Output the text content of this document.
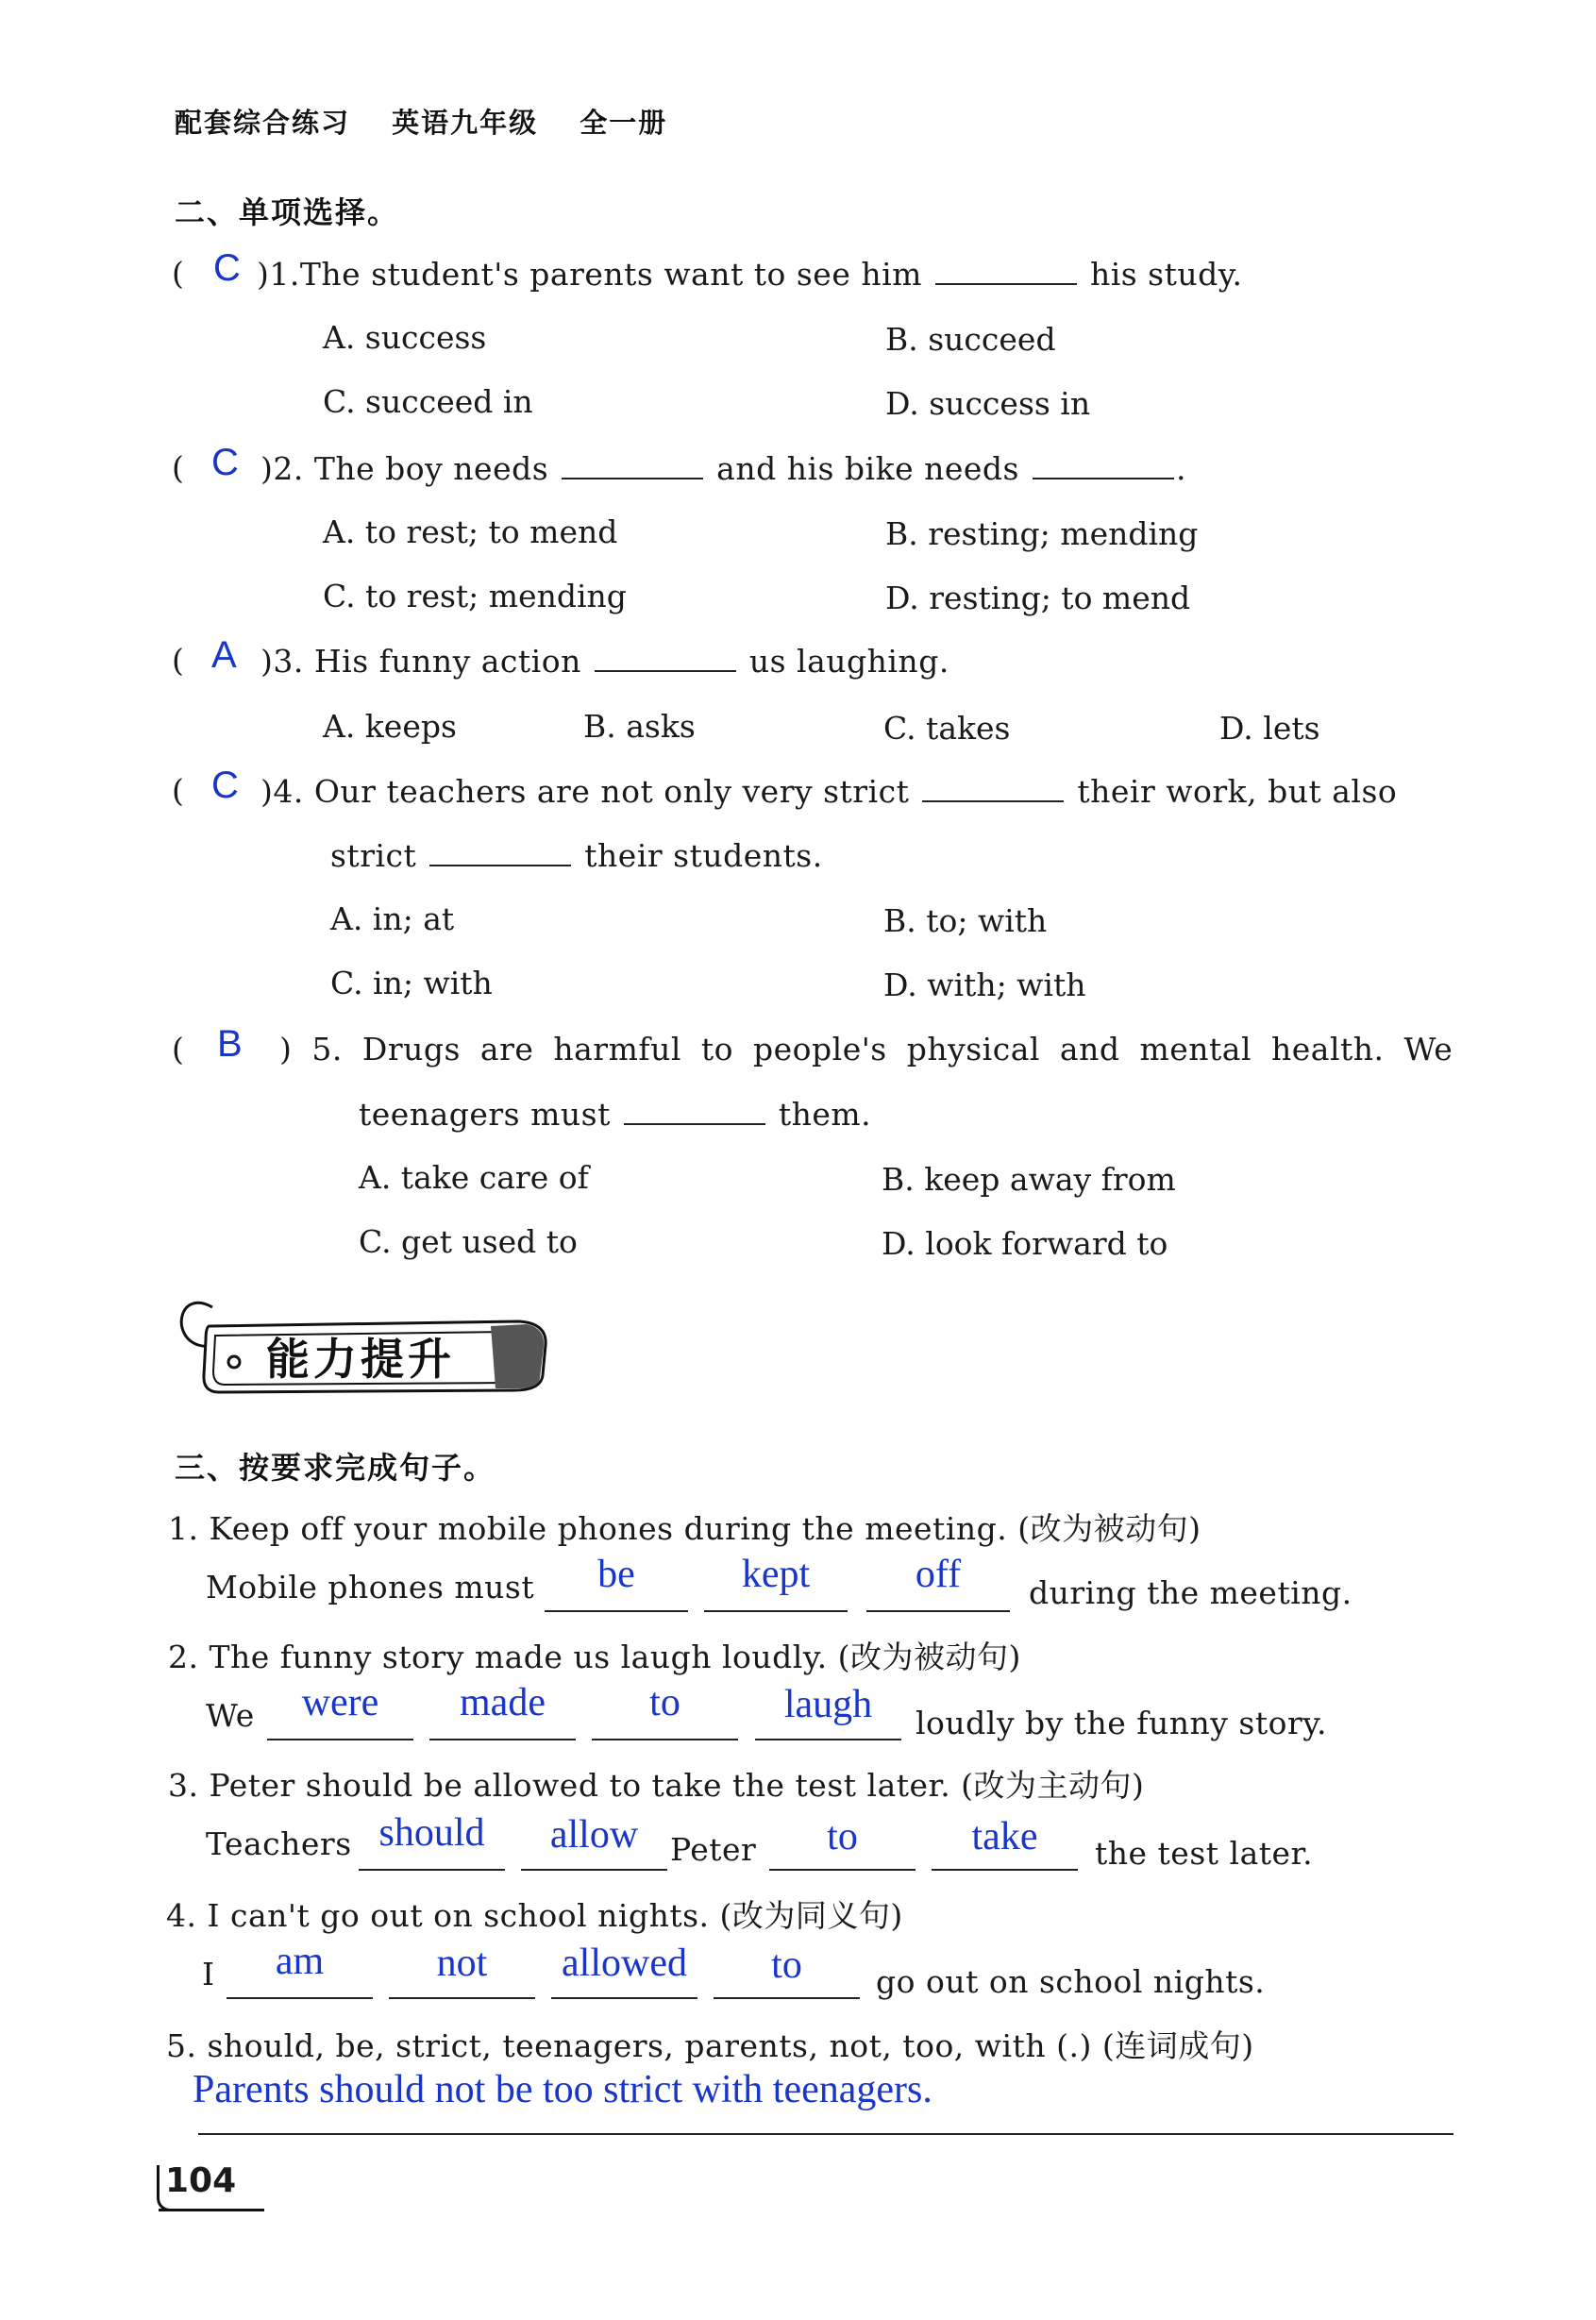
配套综合练习 英语九年级 全一册
二、单项选择。
( C )1.The student's parents want to see him	his study.
A. success	B. succeed
C. succeed in	D. success in
( C )2. The boy needs	and his bike needs	.
A. to rest; to mend	B. resting; mending
C. to rest; mending	D. resting; to mend
( A )3. His funny action	us laughing.
A. keeps	B. asks	C. takes	D. lets
( C )4. Our teachers are not only very strict	their work, but also
strict	their students.
A. in; at	B. to; with
C. in; with	D. with; with
( B ) 5. Drugs are harmful to people's physical and mental health. We
teenagers must	them.
A. take care of	B. keep away from
C. get used to	D. look forward to
能力提升
三、按要求完成句子。
1. Keep off your mobile phones during the meeting. (改为被动句)
Mobile phones must	be	kept	off	during the meeting.
2. The funny story made us laugh loudly. (改为被动句)
We	were	made	to	laugh	loudly by the funny story.
3. Peter should be allowed to take the test later. (改为主动句)
Teachers should	allow	Peter	to	take	the test later.
4. I can't go out on school nights. (改为同义句)
I	am	not	allowed	to	go out on school nights.
5. should, be, strict, teenagers, parents, not, too, with (.) (连词成句)
Parents should not be too strict with teenagers.
104
